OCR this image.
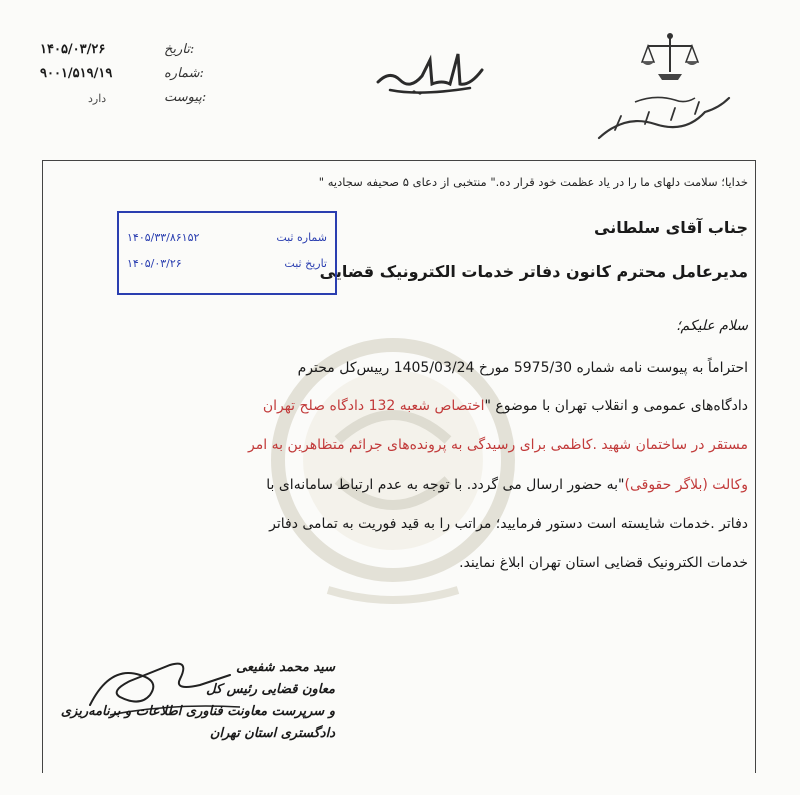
۱۴۰۵/۰۳/۲۶	تاریخ:
۹۰۰۱/۵۱۹/۱۹	شماره:
دارد	پیوست:
خدایا؛ سلامت دلهای ما را در یاد عظمت خود قرار ده." منتخبی از دعای ۵ صحیفه سجادیه "
جناب آقای سلطانی
مدیرعامل محترم کانون دفاتر خدمات الکترونیک قضایی
۱۴۰۵/۳۳/۸۶۱۵۲	شماره ثبت
۱۴۰۵/۰۳/۲۶	تاریخ ثبت
سلام علیکم؛
احتراماً به پیوست نامه شماره 5975/30 مورخ 1405/03/24 رییس‌کل محترم
دادگاه‌های عمومی و انقلاب تهران با موضوع "اختصاص شعبه 132 دادگاه صلح تهران
مستقر در ساختمان شهید .کاظمی برای رسیدگی به پرونده‌های جرائم متظاهرین به امر
وکالت (بلاگر حقوقی)"به حضور ارسال می گردد. با توجه به عدم ارتباط سامانه‌ای با
دفاتر .خدمات شایسته است دستور فرمایید؛ مراتب را به قید فوریت به تمامی دفاتر
خدمات الکترونیک قضایی استان تهران ابلاغ نمایند.
سید محمد شفیعی
معاون قضایی رئیس کل
و سرپرست معاونت فناوری اطلاعات و برنامه‌ریزی
دادگستری استان تهران
